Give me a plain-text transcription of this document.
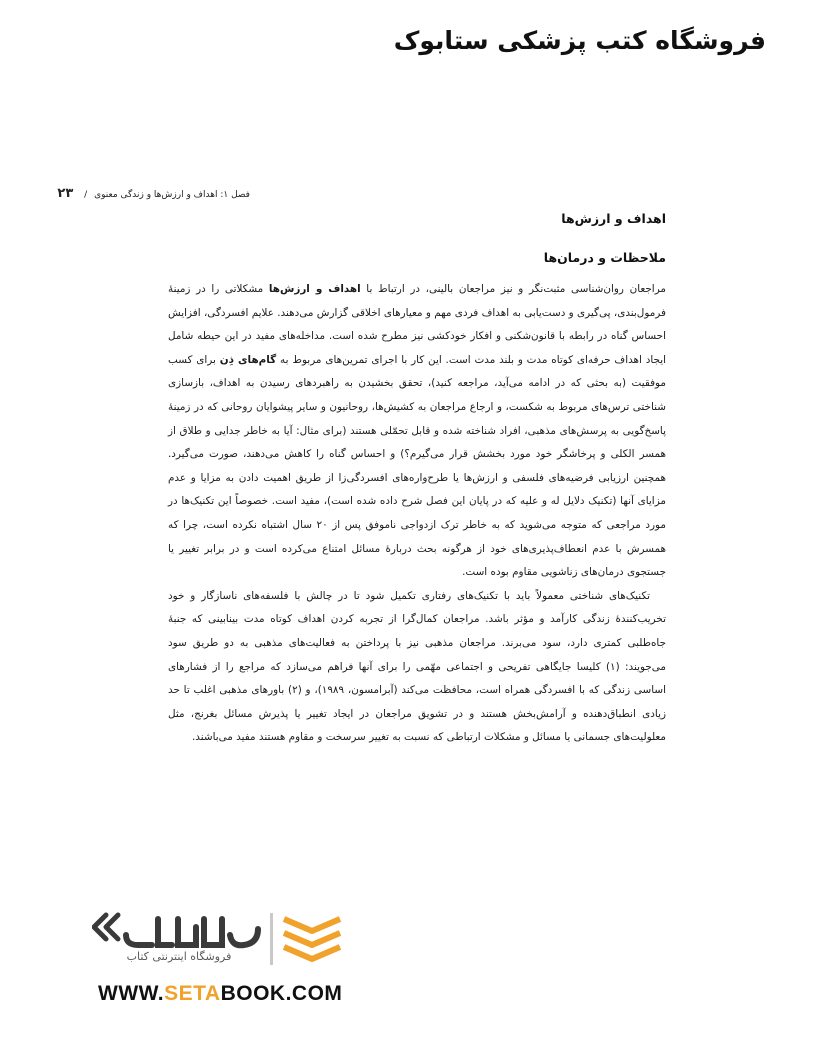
فروشگاه کتب پزشکی ستابوک
فصل ۱: اهداف و ارزش‌ها و زندگی معنوی / ۲۳
اهداف و ارزش‌ها
ملاحظات و درمان‌ها

مراجعان روان‌شناسی مثبت‌نگر و نیز مراجعان بالینی، در ارتباط با اهداف و ارزش‌ها مشکلاتی را در زمینهٔ فرمول‌بندی، پی‌گیری و دست‌یابی به اهداف فردی مهم و معیارهای اخلاقی گزارش می‌دهند. علایم افسردگی، افزایش احساس گناه در رابطه با قانون‌شکنی و افکار خودکشی نیز مطرح شده است. مداخله‌های مفید در این حیطه شامل ایجاد اهداف حرفه‌ای کوتاه مدت و بلند مدت است. این کار با اجرای تمرین‌های مربوط به گام‌های ذِن برای کسب موفقیت (به بحثی که در ادامه می‌آید، مراجعه کنید)، تحقق بخشیدن به راهبردهای رسیدن به اهداف، بازسازی شناختی ترس‌های مربوط به شکست، و ارجاع مراجعان به کشیش‌ها، روحانیون و سایر پیشوایان روحانی که در زمینهٔ پاسخ‌گویی به پرسش‌های مذهبی، افراد شناخته شده و قابل تحمّلی هستند (برای مثال: آیا به خاطر جدایی و طلاق از همسر الکلی و پرخاشگر خود مورد بخشش قرار می‌گیرم؟) و احساس گناه را کاهش می‌دهند، صورت می‌گیرد. همچنین ارزیابی فرضیه‌های فلسفی و ارزش‌ها یا طرح‌واره‌های افسردگی‌زا از طریق اهمیت دادن به مزایا و عدم مزایای آنها (تکنیک دلایل له و علیه که در پایان این فصل شرح داده شده است)، مفید است. خصوصاً این تکنیک‌ها در مورد مراجعی که متوجه می‌شوید که به خاطر ترک ازدواجی ناموفق پس از ۲۰ سال اشتباه نکرده است، چرا که همسرش با عدم انعطاف‌پذیری‌های خود از هرگونه بحث دربارهٔ مسائل امتناع می‌کرده است و در برابر تغییر یا جستجوی درمان‌های زناشویی مقاوم بوده است.

تکنیک‌های شناختی معمولاً باید با تکنیک‌های رفتاری تکمیل شود تا در چالش با فلسفه‌های ناسازگار و خود تخریب‌کنندهٔ زندگی کارآمد و مؤثر باشد. مراجعان کمال‌گرا از تجربه کردن اهداف کوتاه مدت بینابینی که جنبهٔ جاه‌طلبی کمتری دارد، سود می‌برند. مراجعان مذهبی نیز با پرداختن به فعالیت‌های مذهبی به دو طریق سود می‌جویند: (۱) کلیسا جایگاهی تفریحی و اجتماعی مهّمی را برای آنها فراهم می‌سازد که مراجع را از فشارهای اساسی زندگی که با افسردگی همراه است، محافظت می‌کند (آبرامسون، ۱۹۸۹)، و (۲) باورهای مذهبی اغلب تا حد زیادی انطباق‌دهنده و آرامش‌بخش هستند و در تشویق مراجعان در ایجاد تغییر یا پذیرش مسائل بغرنج، مثل معلولیت‌های جسمانی یا مسائل و مشکلات ارتباطی که نسبت به تغییر سرسخت و مقاوم هستند مفید می‌باشند.

فروشگاه اینترنتی کتاب
WWW.SETABOOK.COM
